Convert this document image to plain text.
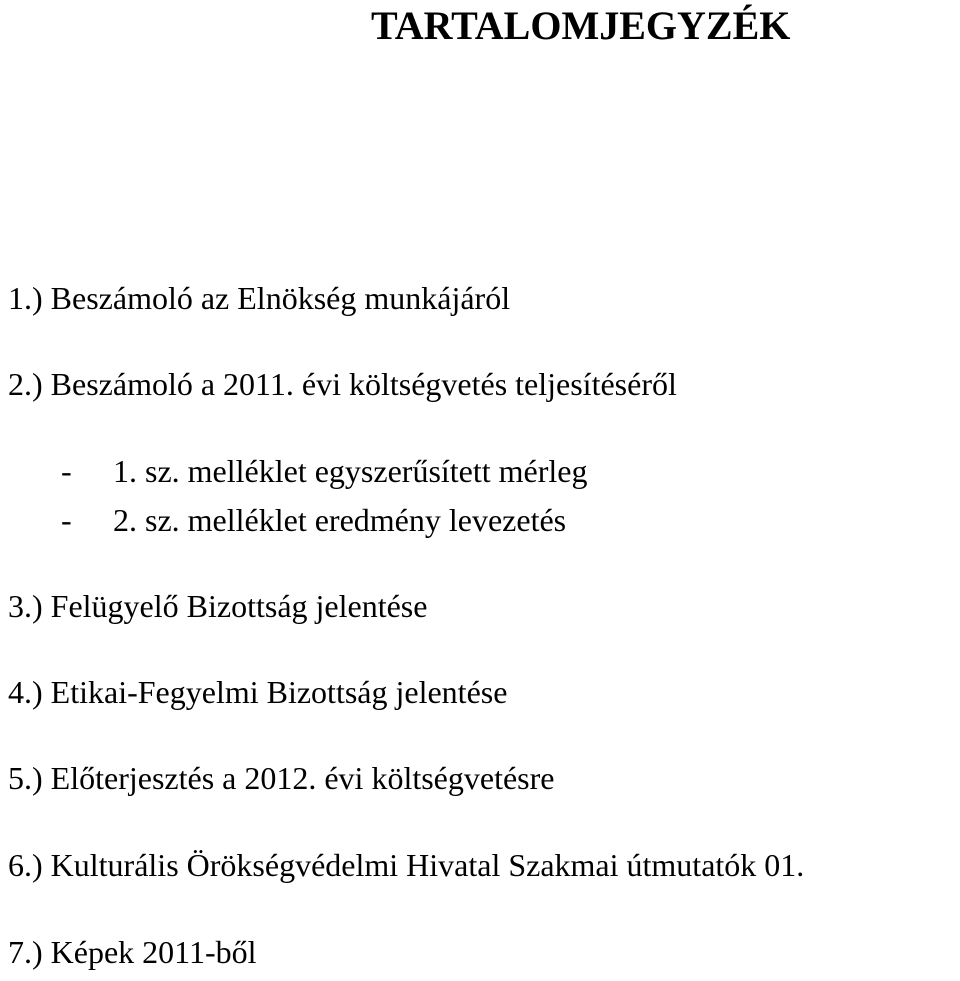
TARTALOMJEGYZÉK
1.) Beszámoló az Elnökség munkájáról
2.) Beszámoló a 2011. évi költségvetés teljesítéséről
- 1. sz. melléklet egyszerűsített mérleg
- 2. sz. melléklet eredmény levezetés
3.) Felügyelő Bizottság jelentése
4.) Etikai-Fegyelmi Bizottság jelentése
5.) Előterjesztés a 2012. évi költségvetésre
6.) Kulturális Örökségvédelmi Hivatal Szakmai útmutatók 01.
7.) Képek 2011-ből
